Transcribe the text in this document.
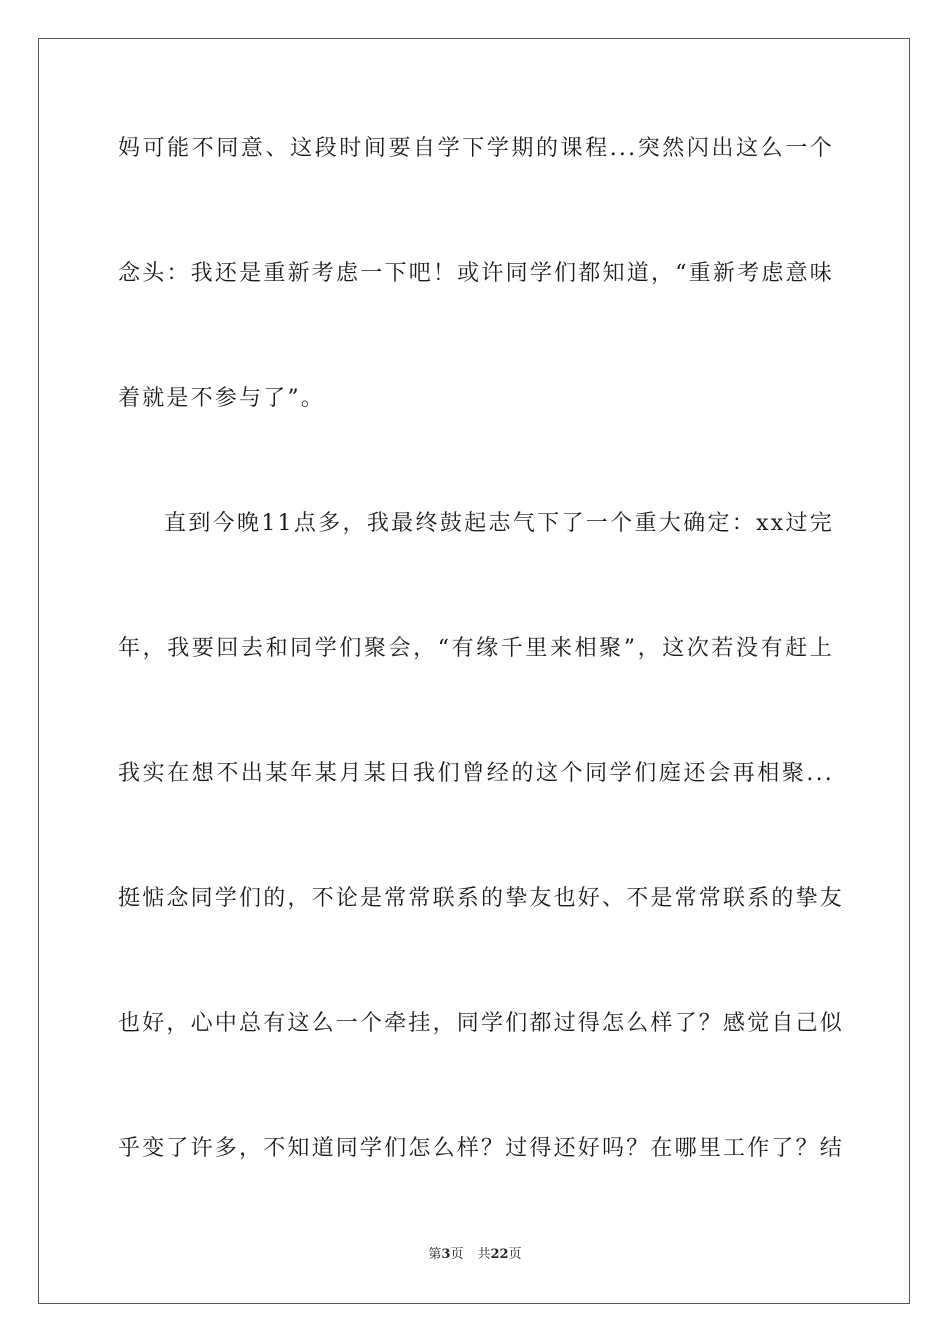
妈可能不同意、这段时间要自学下学期的课程...突然闪出这么一个
念头：我还是重新考虑一下吧！或许同学们都知道，“重新考虑意味
着就是不参与了”。
直到今晚11点多，我最终鼓起志气下了一个重大确定：xx过完
年，我要回去和同学们聚会，“有缘千里来相聚”，这次若没有赶上
我实在想不出某年某月某日我们曾经的这个同学们庭还会再相聚...
挺惦念同学们的，不论是常常联系的挚友也好、不是常常联系的挚友
也好，心中总有这么一个牵挂，同学们都过得怎么样了？感觉自己似
乎变了许多，不知道同学们怎么样？过得还好吗？在哪里工作了？结
第3页 共22页
